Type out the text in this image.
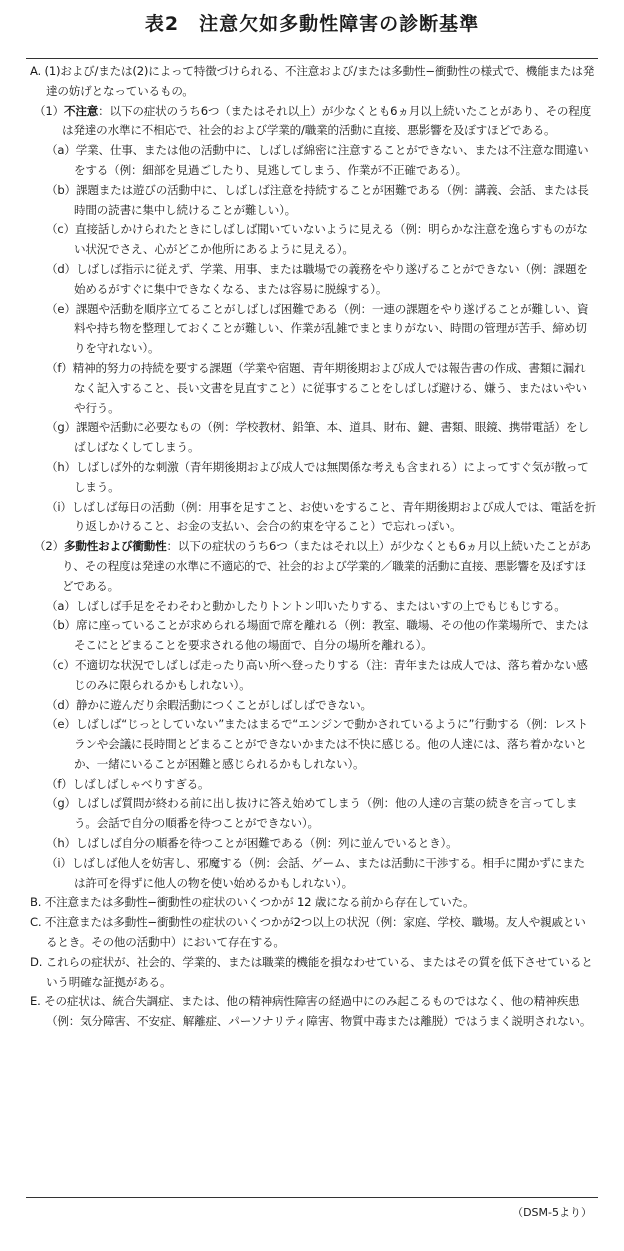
表2　注意欠如多動性障害の診断基準

A. (1)および/または(2)によって特徴づけられる、不注意および/または多動性−衝動性の様式で、機能または発達の妨げとなっているもの。

（1）不注意：以下の症状のうち6つ（またはそれ以上）が少なくとも6ヵ月以上続いたことがあり、その程度は発達の水準に不相応で、社会的および学業的/職業的活動に直接、悪影響を及ぼすほどである。

（a）学業、仕事、または他の活動中に、しばしば綿密に注意することができない、または不注意な間違いをする（例：細部を見過ごしたり、見逃してしまう、作業が不正確である）。

（b）課題または遊びの活動中に、しばしば注意を持続することが困難である（例：講義、会話、または長時間の読書に集中し続けることが難しい）。

（c）直接話しかけられたときにしばしば聞いていないように見える（例：明らかな注意を逸らすものがない状況でさえ、心がどこか他所にあるように見える）。

（d）しばしば指示に従えず、学業、用事、または職場での義務をやり遂げることができない（例：課題を始めるがすぐに集中できなくなる、または容易に脱線する）。

（e）課題や活動を順序立てることがしばしば困難である（例：一連の課題をやり遂げることが難しい、資料や持ち物を整理しておくことが難しい、作業が乱雑でまとまりがない、時間の管理が苦手、締め切りを守れない）。

（f）精神的努力の持続を要する課題（学業や宿題、青年期後期および成人では報告書の作成、書類に漏れなく記入すること、長い文書を見直すこと）に従事することをしばしば避ける、嫌う、またはいやいや行う。

（g）課題や活動に必要なもの（例：学校教材、鉛筆、本、道具、財布、鍵、書類、眼鏡、携帯電話）をしばしばなくしてしまう。

（h）しばしば外的な刺激（青年期後期および成人では無関係な考えも含まれる）によってすぐ気が散ってしまう。

（i）しばしば毎日の活動（例：用事を足すこと、お使いをすること、青年期後期および成人では、電話を折り返しかけること、お金の支払い、会合の約束を守ること）で忘れっぽい。

（2）多動性および衝動性：以下の症状のうち6つ（またはそれ以上）が少なくとも6ヵ月以上続いたことがあり、その程度は発達の水準に不適応的で、社会的および学業的／職業的活動に直接、悪影響を及ぼすほどである。

（a）しばしば手足をそわそわと動かしたりトントン叩いたりする、またはいすの上でもじもじする。

（b）席に座っていることが求められる場面で席を離れる（例：教室、職場、その他の作業場所で、またはそこにとどまることを要求される他の場面で、自分の場所を離れる）。

（c）不適切な状況でしばしば走ったり高い所へ登ったりする（注：青年または成人では、落ち着かない感じのみに限られるかもしれない）。

（d）静かに遊んだり余暇活動につくことがしばしばできない。

（e）しばしば“じっとしていない”またはまるで“エンジンで動かされているように”行動する（例：レストランや会議に長時間とどまることができないかまたは不快に感じる。他の人達には、落ち着かないとか、一緒にいることが困難と感じられるかもしれない）。

（f）しばしばしゃべりすぎる。

（g）しばしば質問が終わる前に出し抜けに答え始めてしまう（例：他の人達の言葉の続きを言ってしまう。会話で自分の順番を待つことができない）。

（h）しばしば自分の順番を待つことが困難である（例：列に並んでいるとき）。

（i）しばしば他人を妨害し、邪魔する（例：会話、ゲーム、または活動に干渉する。相手に聞かずにまたは許可を得ずに他人の物を使い始めるかもしれない）。

B. 不注意または多動性−衝動性の症状のいくつかが 12 歳になる前から存在していた。

C. 不注意または多動性−衝動性の症状のいくつかが2つ以上の状況（例：家庭、学校、職場。友人や親戚といるとき。その他の活動中）において存在する。

D. これらの症状が、社会的、学業的、または職業的機能を損なわせている、またはその質を低下させているという明確な証拠がある。

E. その症状は、統合失調症、または、他の精神病性障害の経過中にのみ起こるものではなく、他の精神疾患（例：気分障害、不安症、解離症、パーソナリティ障害、物質中毒または離脱）ではうまく説明されない。

（DSM-5より）
